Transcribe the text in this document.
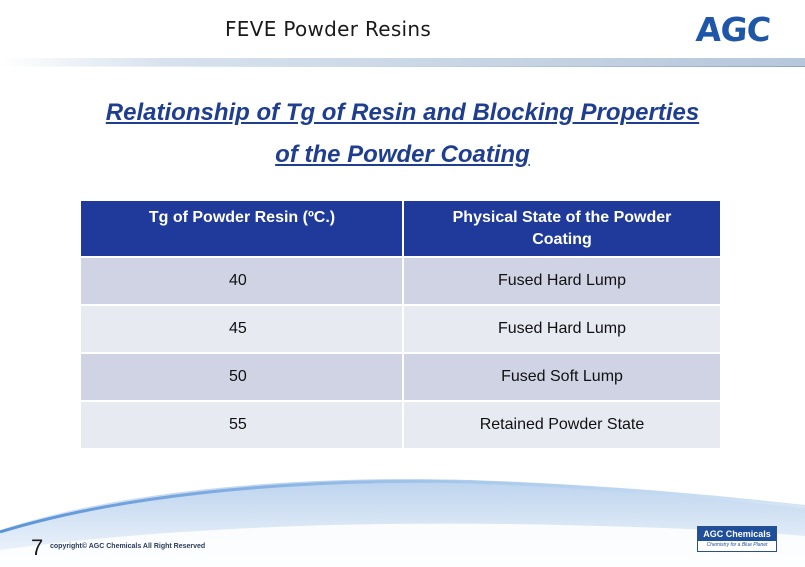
FEVE Powder Resins	AGC
Relationship of Tg of Resin and Blocking Properties
of the Powder Coating
Tg of Powder Resin (ºC.)	Physical State of the Powder Coating
40	Fused Hard Lump
45	Fused Hard Lump
50	Fused Soft Lump
55	Retained Powder State
7 copyright© AGC Chemicals All Right Reserved
AGC Chemicals
Chemistry for a Blue Planet
